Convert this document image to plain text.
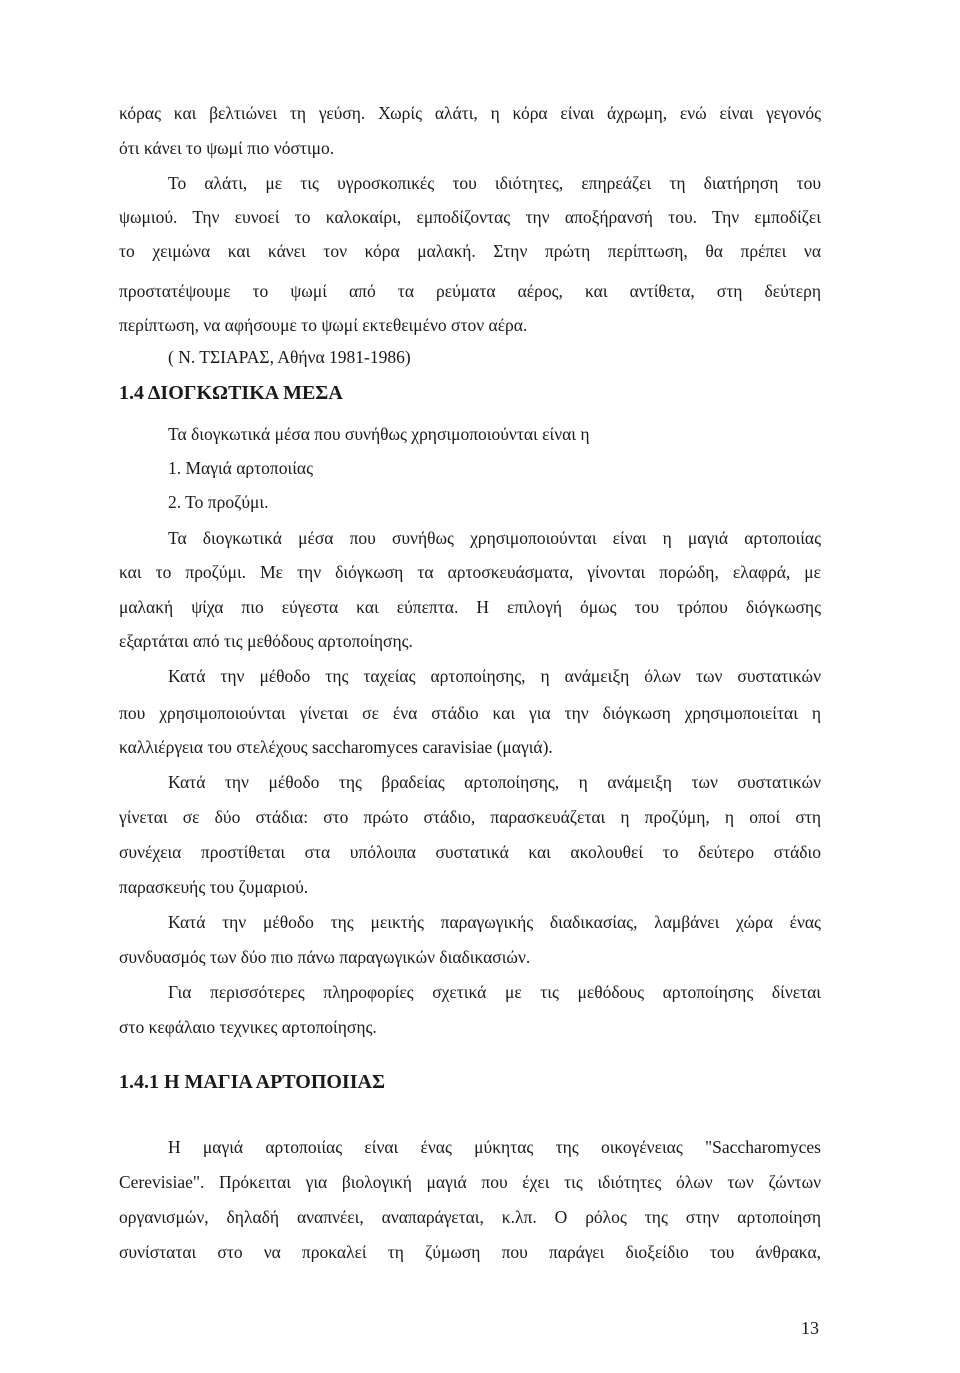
κόρας και βελτιώνει τη γεύση. Χωρίς αλάτι, η κόρα είναι άχρωμη, ενώ είναι γεγονός
ότι κάνει το ψωμί πιο νόστιμο.
Το αλάτι, με τις υγροσκοπικές του ιδιότητες, επηρεάζει τη διατήρηση του
ψωμιού. Την ευνοεί το καλοκαίρι, εμποδίζοντας την αποξήρανσή του. Την εμποδίζει
το χειμώνα και κάνει τον κόρα μαλακή. Στην πρώτη περίπτωση, θα πρέπει να
προστατέψουμε το ψωμί από τα ρεύματα αέρος, και αντίθετα, στη δεύτερη
περίπτωση, να αφήσουμε το ψωμί εκτεθειμένο στον αέρα.
( Ν. ΤΣΙΑΡΑΣ, Αθήνα 1981-1986)
1.4 ΔΙΟΓΚΩΤΙΚΑ ΜΕΣΑ
Τα διογκωτικά μέσα που συνήθως χρησιμοποιούνται είναι η
1. Μαγιά αρτοποιίας
2. Το προζύμι.
Τα διογκωτικά μέσα που συνήθως χρησιμοποιούνται είναι η μαγιά αρτοποιίας
και το προζύμι. Με την διόγκωση τα αρτοσκευάσματα, γίνονται πορώδη, ελαφρά, με
μαλακή ψίχα πιο εύγεστα και εύπεπτα. Η επιλογή όμως του τρόπου διόγκωσης
εξαρτάται από τις μεθόδους αρτοποίησης.
Κατά την μέθοδο της ταχείας αρτοποίησης, η ανάμειξη όλων των συστατικών
που χρησιμοποιούνται γίνεται σε ένα στάδιο και για την διόγκωση χρησιμοποιείται η
καλλιέργεια του στελέχους saccharomyces caravisiae (μαγιά).
Κατά την μέθοδο της βραδείας αρτοποίησης, η ανάμειξη των συστατικών
γίνεται σε δύο στάδια: στο πρώτο στάδιο, παρασκευάζεται η προζύμη, η οποί στη
συνέχεια προστίθεται στα υπόλοιπα συστατικά και ακολουθεί το δεύτερο στάδιο
παρασκευής του ζυμαριού.
Κατά την μέθοδο της μεικτής παραγωγικής διαδικασίας, λαμβάνει χώρα ένας
συνδυασμός των δύο πιο πάνω παραγωγικών διαδικασιών.
Για περισσότερες πληροφορίες σχετικά με τις μεθόδους αρτοποίησης δίνεται
στο κεφάλαιο τεχνικες αρτοποίησης.
1.4.1 Η ΜΑΓΙΑ ΑΡΤΟΠΟΙΙΑΣ
Η μαγιά αρτοποιίας είναι ένας μύκητας της οικογένειας "Saccharomyces
Cerevisiae". Πρόκειται για βιολογική μαγιά που έχει τις ιδιότητες όλων των ζώντων
οργανισμών, δηλαδή αναπνέει, αναπαράγεται, κ.λπ. Ο ρόλος της στην αρτοποίηση
συνίσταται στο να προκαλεί τη ζύμωση που παράγει διοξείδιο του άνθρακα,
13
